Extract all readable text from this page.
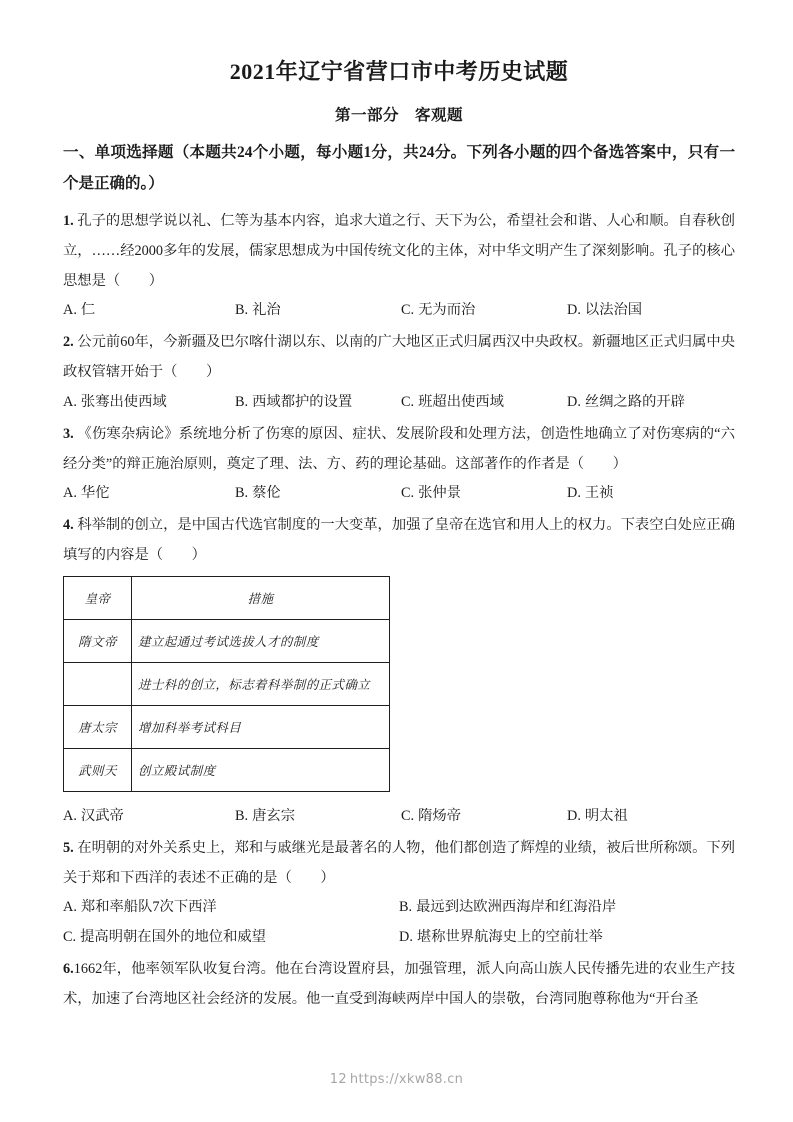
2021年辽宁省营口市中考历史试题
第一部分　客观题
一、单项选择题（本题共24个小题，每小题1分，共24分。下列各小题的四个备选答案中，只有一个是正确的。）

1. 孔子的思想学说以礼、仁等为基本内容，追求大道之行、天下为公，希望社会和谐、人心和顺。自春秋创立，……经2000多年的发展，儒家思想成为中国传统文化的主体，对中华文明产生了深刻影响。孔子的核心思想是（　　）

A. 仁	B. 礼治	C. 无为而治	D. 以法治国

2. 公元前60年，今新疆及巴尔喀什湖以东、以南的广大地区正式归属西汉中央政权。新疆地区正式归属中央政权管辖开始于（　　）

A. 张骞出使西域	B. 西域都护的设置	C. 班超出使西域	D. 丝绸之路的开辟

3. 《伤寒杂病论》系统地分析了伤寒的原因、症状、发展阶段和处理方法，创造性地确立了对伤寒病的“六经分类”的辩正施治原则，奠定了理、法、方、药的理论基础。这部著作的作者是（　　）

A. 华佗	B. 蔡伦	C. 张仲景	D. 王祯

4. 科举制的创立，是中国古代选官制度的一大变革，加强了皇帝在选官和用人上的权力。下表空白处应正确填写的内容是（　　）

皇帝	措施
隋文帝	建立起通过考试选拔人才的制度
	进士科的创立，标志着科举制的正式确立
唐太宗	增加科举考试科目
武则天	创立殿试制度
A. 汉武帝	B. 唐玄宗	C. 隋炀帝	D. 明太祖

5. 在明朝的对外关系史上，郑和与戚继光是最著名的人物，他们都创造了辉煌的业绩，被后世所称颂。下列关于郑和下西洋的表述不正确的是（　　）

A. 郑和率船队7次下西洋	B. 最远到达欧洲西海岸和红海沿岸
C. 提高明朝在国外的地位和威望	D. 堪称世界航海史上的空前壮举

6.1662年，他率领军队收复台湾。他在台湾设置府县，加强管理，派人向高山族人民传播先进的农业生产技术，加速了台湾地区社会经济的发展。他一直受到海峡两岸中国人的崇敬，台湾同胞尊称他为“开台圣

12 https://xkw88.cn
